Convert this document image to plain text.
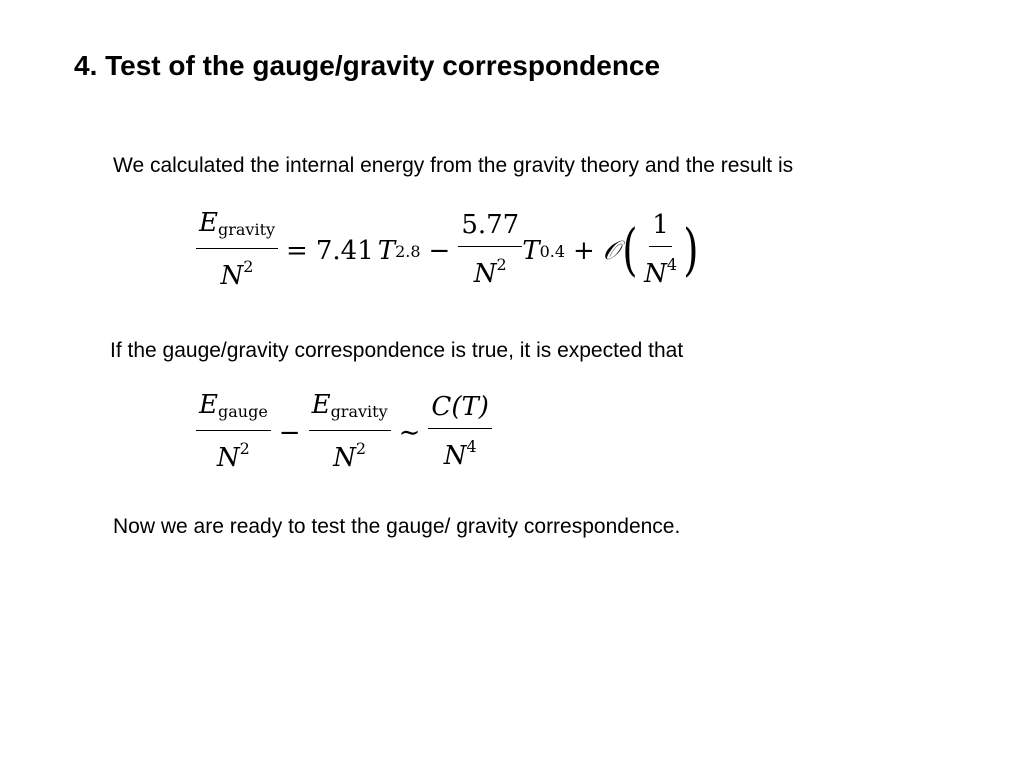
4. Test of the gauge/gravity correspondence
We calculated the internal energy from the gravity theory and the result is
$\frac{\text{Egravity}}{N2} = 7.41$ T $2.8 - \frac{5.77}{N2}$ T 0.4 + 𝒪 ( $\frac{1}{N4}$ )
If the gauge/gravity correspondence is true, it is expected that
$\frac{\text{Egauge}}{N2} - \frac{\text{Egravity}}{N2}$ ∼ $\frac{C(T)}{N4}$
Now we are ready to test the gauge/ gravity correspondence.
